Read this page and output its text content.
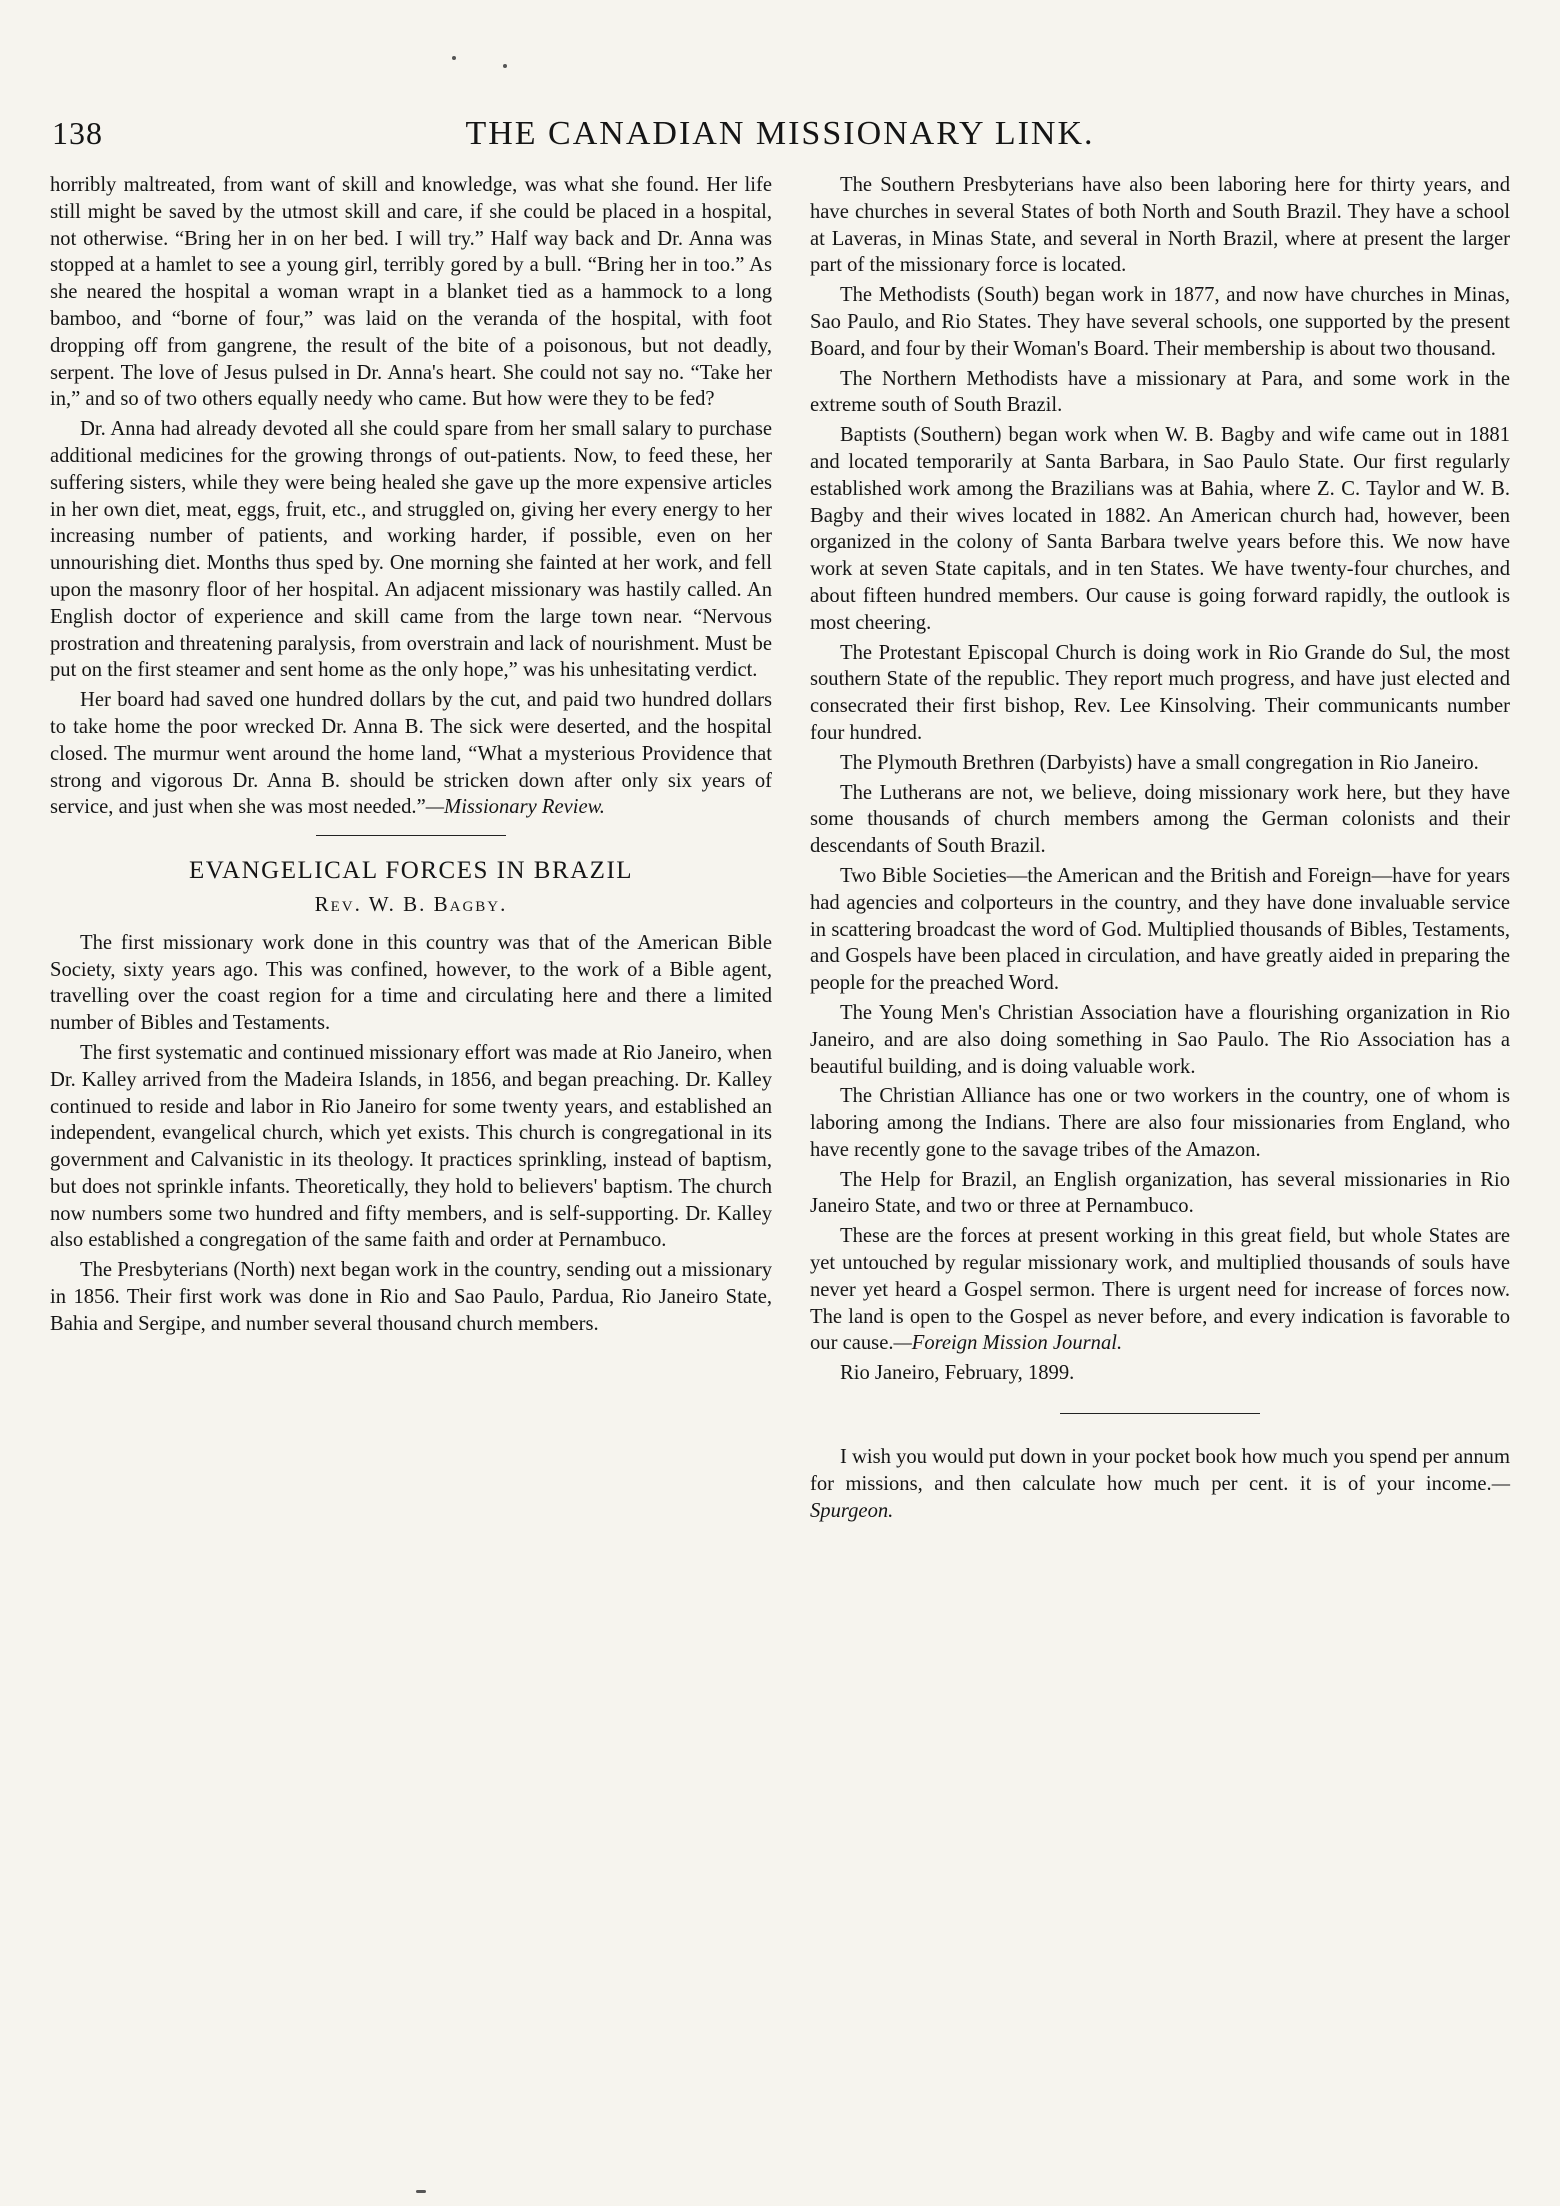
138	THE CANADIAN MISSIONARY LINK.

horribly maltreated, from want of skill and knowledge, was what she found. Her life still might be saved by the utmost skill and care, if she could be placed in a hospital, not otherwise. “Bring her in on her bed. I will try.” Half way back and Dr. Anna was stopped at a hamlet to see a young girl, terribly gored by a bull. “Bring her in too.” As she neared the hospital a woman wrapt in a blanket tied as a hammock to a long bamboo, and “borne of four,” was laid on the veranda of the hospital, with foot dropping off from gangrene, the result of the bite of a poisonous, but not deadly, serpent. The love of Jesus pulsed in Dr. Anna's heart. She could not say no. “Take her in,” and so of two others equally needy who came. But how were they to be fed?

Dr. Anna had already devoted all she could spare from her small salary to purchase additional medicines for the growing throngs of out-patients. Now, to feed these, her suffering sisters, while they were being healed she gave up the more expensive articles in her own diet, meat, eggs, fruit, etc., and struggled on, giving her every energy to her increasing number of patients, and working harder, if possible, even on her unnourishing diet. Months thus sped by. One morning she fainted at her work, and fell upon the masonry floor of her hospital. An adjacent missionary was hastily called. An English doctor of experience and skill came from the large town near. “Nervous prostration and threatening paralysis, from overstrain and lack of nourishment. Must be put on the first steamer and sent home as the only hope,” was his unhesitating verdict.

Her board had saved one hundred dollars by the cut, and paid two hundred dollars to take home the poor wrecked Dr. Anna B. The sick were deserted, and the hospital closed. The murmur went around the home land, “What a mysterious Providence that strong and vigorous Dr. Anna B. should be stricken down after only six years of service, and just when she was most needed.”—Missionary Review.

EVANGELICAL FORCES IN BRAZIL
Rev. W. B. Bagby.

The first missionary work done in this country was that of the American Bible Society, sixty years ago. This was confined, however, to the work of a Bible agent, travelling over the coast region for a time and circulating here and there a limited number of Bibles and Testaments.

The first systematic and continued missionary effort was made at Rio Janeiro, when Dr. Kalley arrived from the Madeira Islands, in 1856, and began preaching. Dr. Kalley continued to reside and labor in Rio Janeiro for some twenty years, and established an independent, evangelical church, which yet exists. This church is congregational in its government and Calvanistic in its theology. It practices sprinkling, instead of baptism, but does not sprinkle infants. Theoretically, they hold to believers' baptism. The church now numbers some two hundred and fifty members, and is self-supporting. Dr. Kalley also established a congregation of the same faith and order at Pernambuco.

The Presbyterians (North) next began work in the country, sending out a missionary in 1856. Their first work was done in Rio and Sao Paulo, Pardua, Rio Janeiro State, Bahia and Sergipe, and number several thousand church members.

The Southern Presbyterians have also been laboring here for thirty years, and have churches in several States of both North and South Brazil. They have a school at Laveras, in Minas State, and several in North Brazil, where at present the larger part of the missionary force is located.

The Methodists (South) began work in 1877, and now have churches in Minas, Sao Paulo, and Rio States. They have several schools, one supported by the present Board, and four by their Woman's Board. Their membership is about two thousand.

The Northern Methodists have a missionary at Para, and some work in the extreme south of South Brazil.

Baptists (Southern) began work when W. B. Bagby and wife came out in 1881 and located temporarily at Santa Barbara, in Sao Paulo State. Our first regularly established work among the Brazilians was at Bahia, where Z. C. Taylor and W. B. Bagby and their wives located in 1882. An American church had, however, been organized in the colony of Santa Barbara twelve years before this. We now have work at seven State capitals, and in ten States. We have twenty-four churches, and about fifteen hundred members. Our cause is going forward rapidly, the outlook is most cheering.

The Protestant Episcopal Church is doing work in Rio Grande do Sul, the most southern State of the republic. They report much progress, and have just elected and consecrated their first bishop, Rev. Lee Kinsolving. Their communicants number four hundred.

The Plymouth Brethren (Darbyists) have a small congregation in Rio Janeiro.

The Lutherans are not, we believe, doing missionary work here, but they have some thousands of church members among the German colonists and their descendants of South Brazil.

Two Bible Societies—the American and the British and Foreign—have for years had agencies and colporteurs in the country, and they have done invaluable service in scattering broadcast the word of God. Multiplied thousands of Bibles, Testaments, and Gospels have been placed in circulation, and have greatly aided in preparing the people for the preached Word.

The Young Men's Christian Association have a flourishing organization in Rio Janeiro, and are also doing something in Sao Paulo. The Rio Association has a beautiful building, and is doing valuable work.

The Christian Alliance has one or two workers in the country, one of whom is laboring among the Indians. There are also four missionaries from England, who have recently gone to the savage tribes of the Amazon.

The Help for Brazil, an English organization, has several missionaries in Rio Janeiro State, and two or three at Pernambuco.

These are the forces at present working in this great field, but whole States are yet untouched by regular missionary work, and multiplied thousands of souls have never yet heard a Gospel sermon. There is urgent need for increase of forces now. The land is open to the Gospel as never before, and every indication is favorable to our cause.—Foreign Mission Journal.

Rio Janeiro, February, 1899.

I wish you would put down in your pocket book how much you spend per annum for missions, and then calculate how much per cent. it is of your income.—Spurgeon.
